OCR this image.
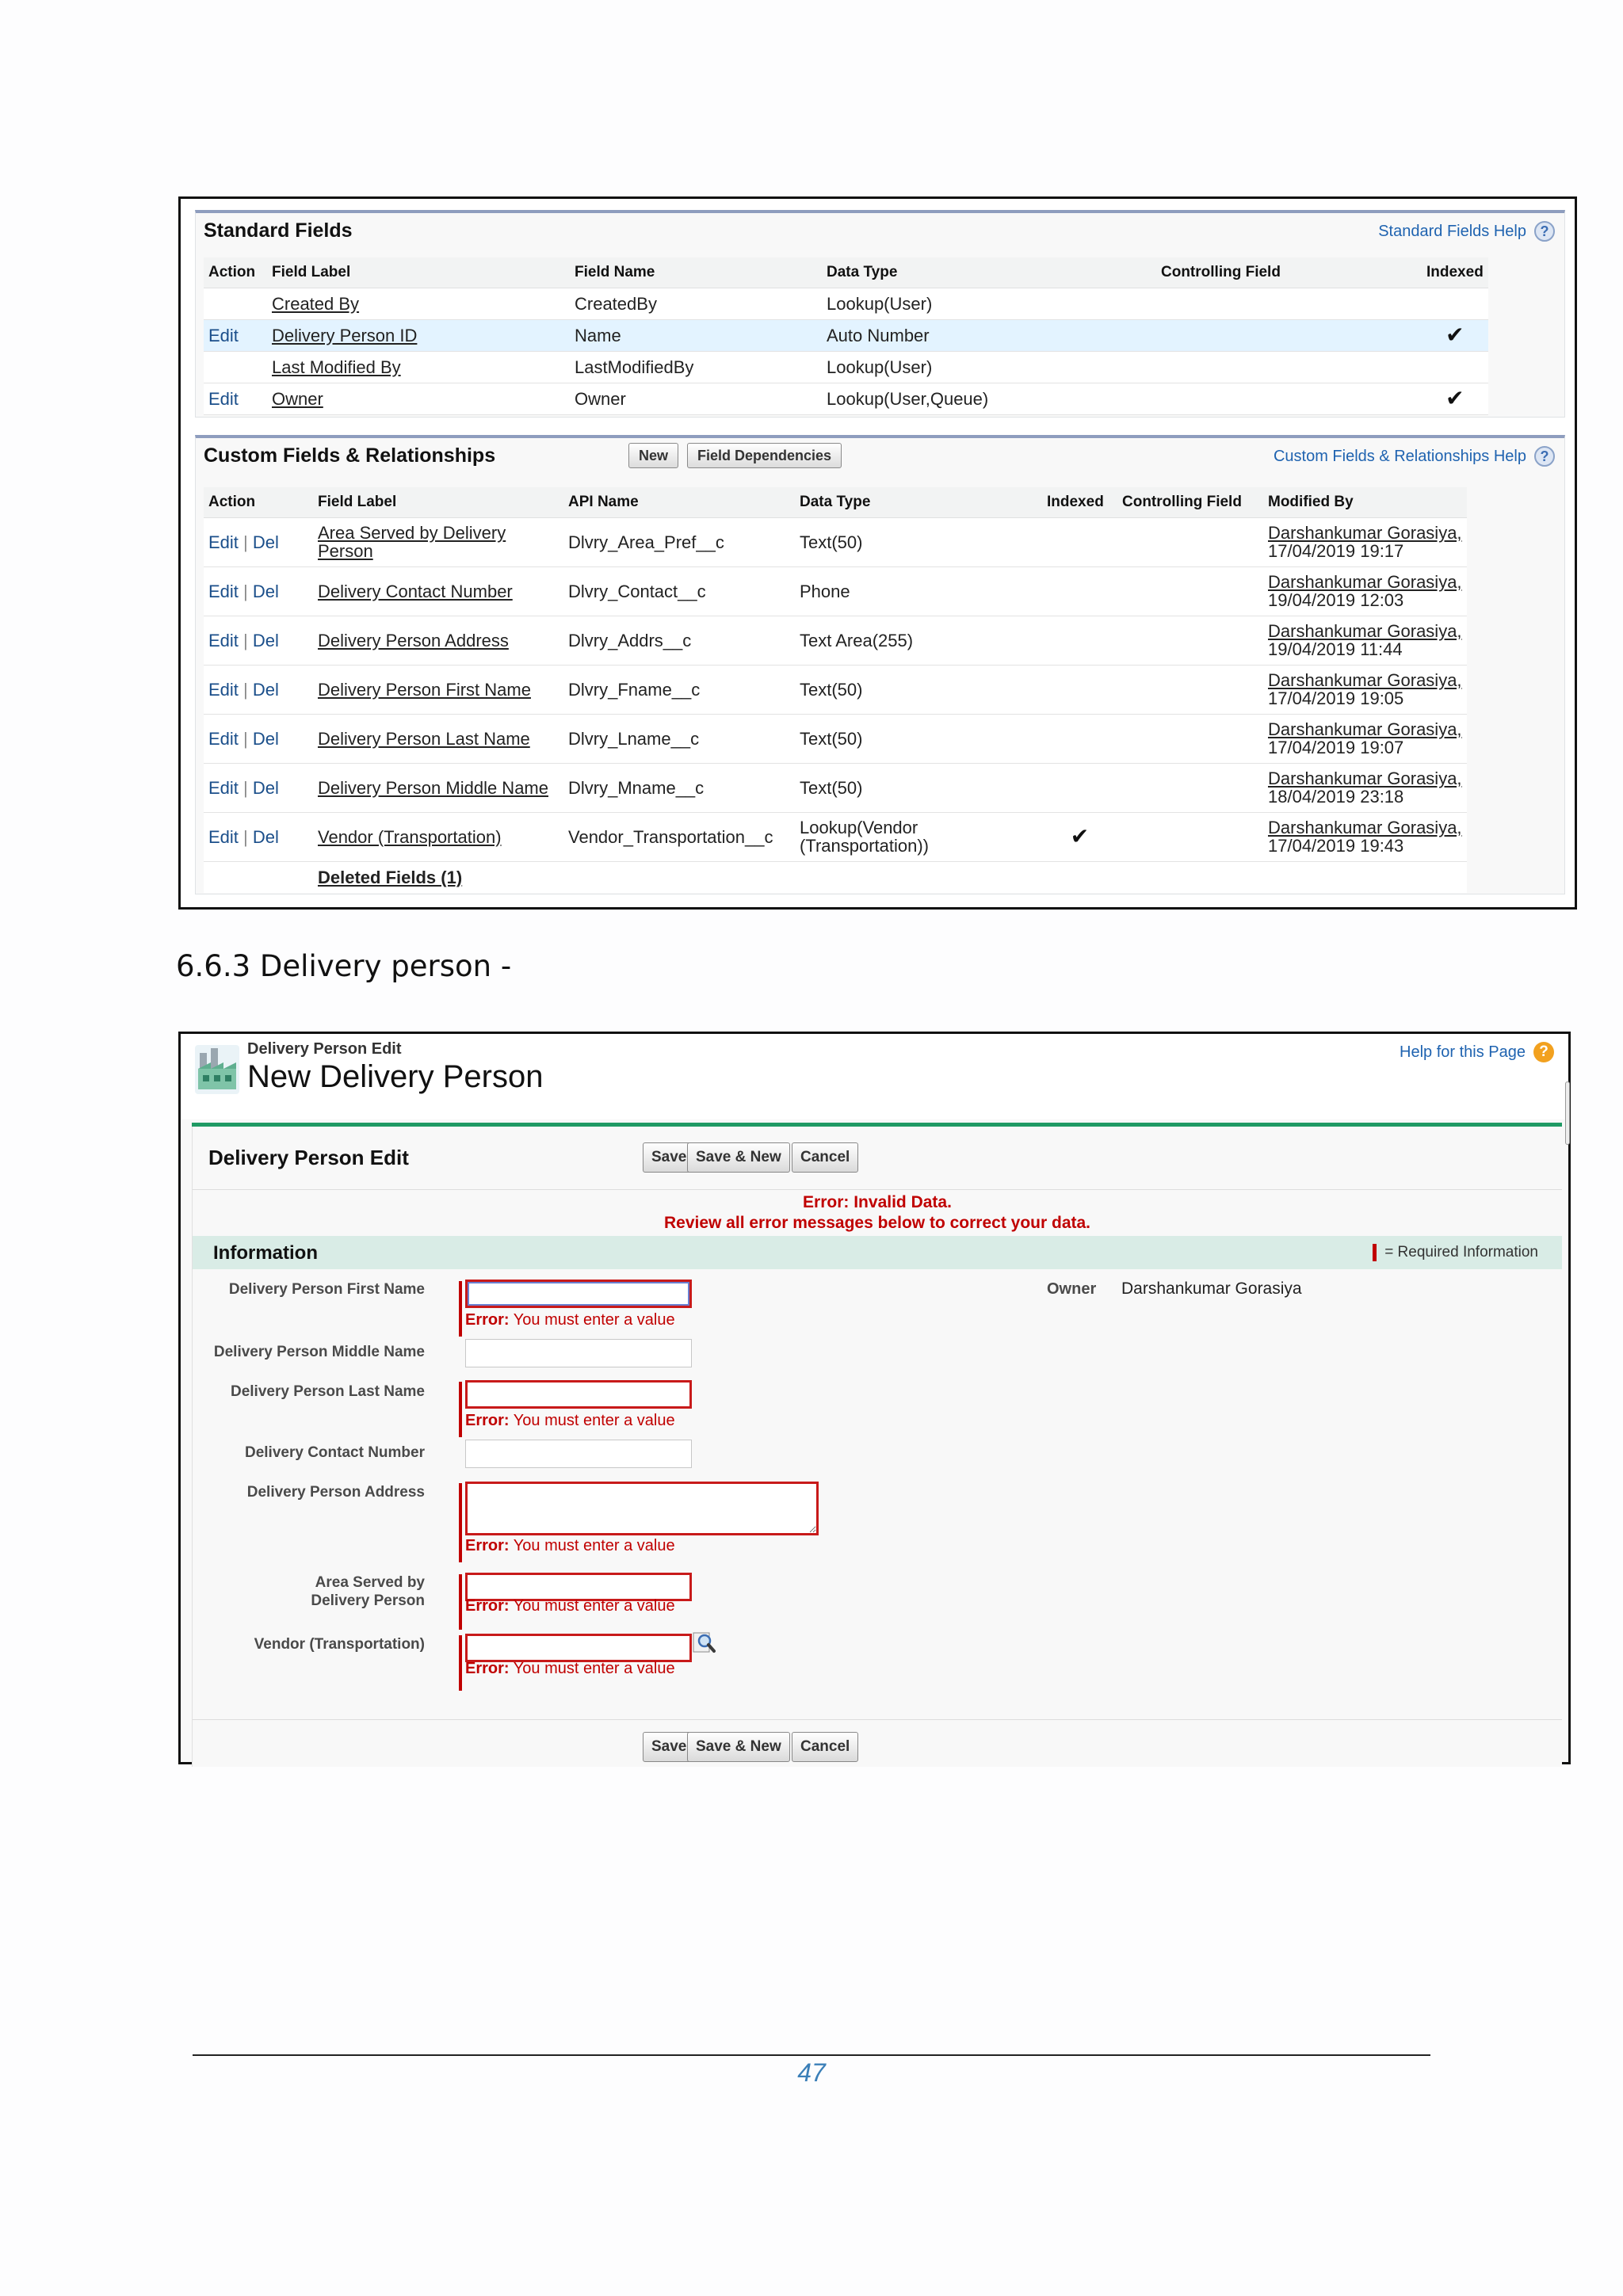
Standard Fields	Standard Fields Help ?
Action	Field Label	Field Name	Data Type	Controlling Field	Indexed
	Created By	CreatedBy	Lookup(User)		
Edit	Delivery Person ID	Name	Auto Number		✔
	Last Modified By	LastModifiedBy	Lookup(User)		
Edit	Owner	Owner	Lookup(User,Queue)		✔
Custom Fields & Relationships	New	Field Dependencies	Custom Fields & Relationships Help ?
Action	Field Label	API Name	Data Type	Indexed	Controlling Field	Modified By
Edit | Del	Area Served by Delivery Person	Dlvry_Area_Pref__c	Text(50)			Darshankumar Gorasiya,
17/04/2019 19:17

Edit | Del	Delivery Contact Number	Dlvry_Contact__c	Phone			Darshankumar Gorasiya,
19/04/2019 12:03

Edit | Del	Delivery Person Address	Dlvry_Addrs__c	Text Area(255)			Darshankumar Gorasiya,
19/04/2019 11:44

Edit | Del	Delivery Person First Name	Dlvry_Fname__c	Text(50)			Darshankumar Gorasiya,
17/04/2019 19:05

Edit | Del	Delivery Person Last Name	Dlvry_Lname__c	Text(50)			Darshankumar Gorasiya,
17/04/2019 19:07

Edit | Del	Delivery Person Middle Name	Dlvry_Mname__c	Text(50)			Darshankumar Gorasiya,
18/04/2019 23:18

Edit | Del	Vendor (Transportation)	Vendor_Transportation__c	Lookup(Vendor (Transportation))	✔		Darshankumar Gorasiya,
17/04/2019 19:43

	Deleted Fields (1)					
6.6.3 Delivery person -
Delivery Person Edit
New Delivery Person
Help for this Page ?
Delivery Person Edit	Save Save & New	Cancel
Error: Invalid Data.
Review all error messages below to correct your data.
Information	= Required Information
Delivery Person First Name
Error: You must enter a value
Delivery Person Middle Name
Delivery Person Last Name
Error: You must enter a value
Delivery Contact Number
Delivery Person Address
Error: You must enter a value
Area Served by Delivery Person	Error: You must enter a value
Vendor (Transportation)
Error: You must enter a value
Owner Darshankumar Gorasiya
Save Save & New	Cancel
47
